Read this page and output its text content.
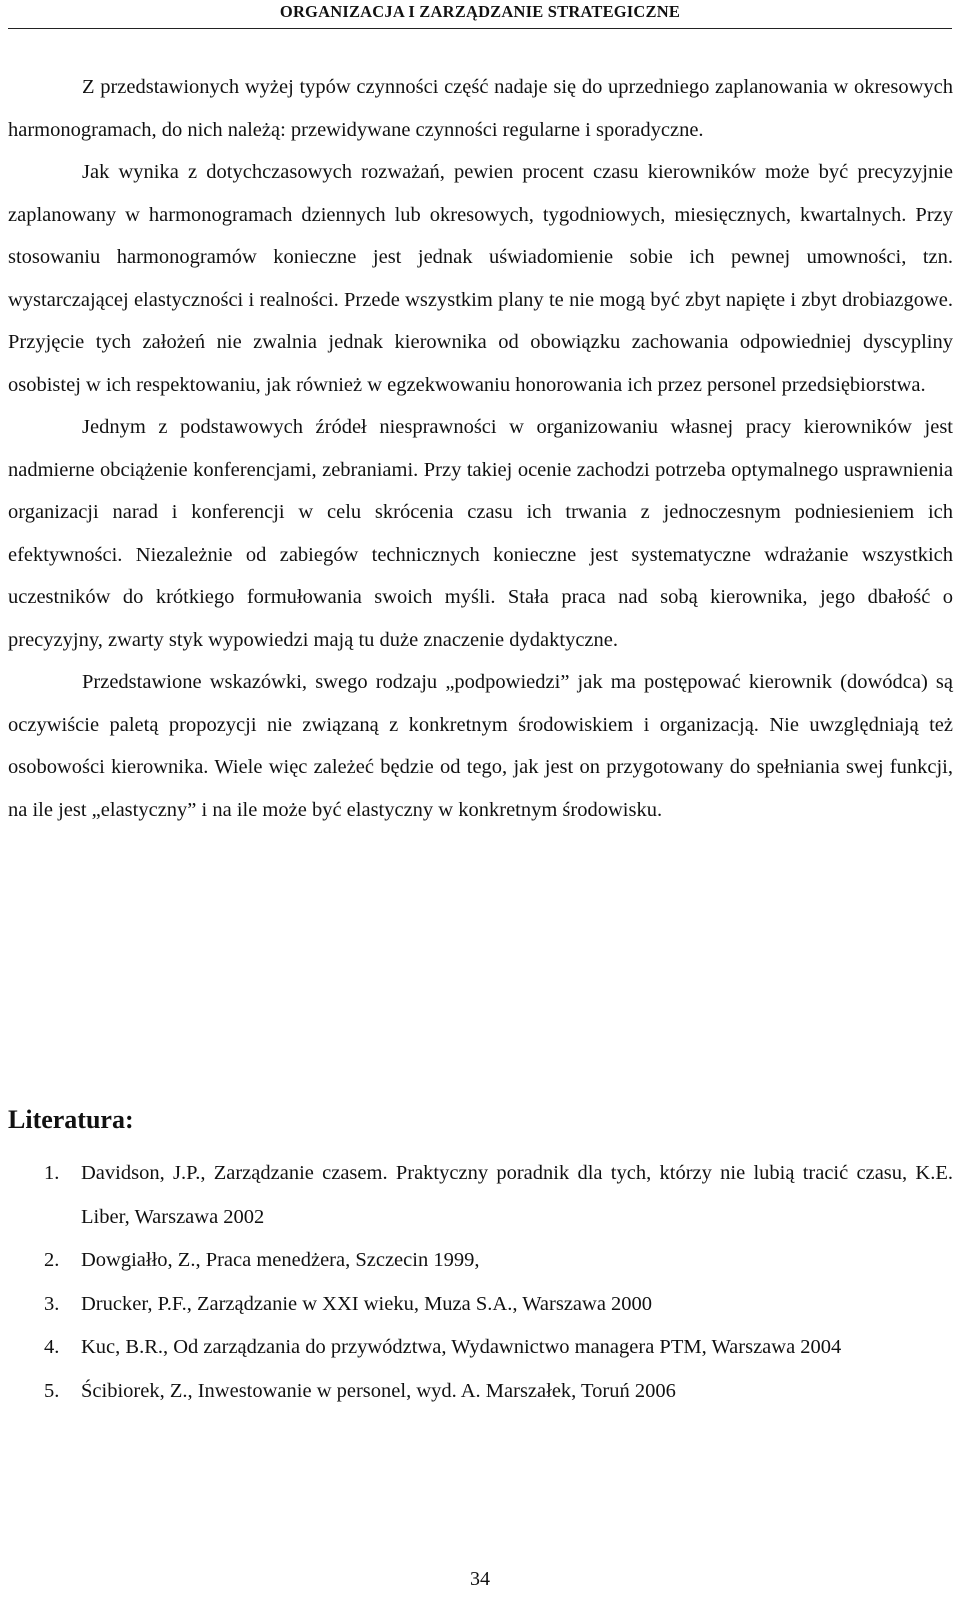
ORGANIZACJA I ZARZĄDZANIE STRATEGICZNE

Z przedstawionych wyżej typów czynności część nadaje się do uprzedniego zaplanowania w okresowych harmonogramach, do nich należą: przewidywane czynności regularne i sporadyczne.

Jak wynika z dotychczasowych rozważań, pewien procent czasu kierowników może być precyzyjnie zaplanowany w harmonogramach dziennych lub okresowych, tygodniowych, miesięcznych, kwartalnych. Przy stosowaniu harmonogramów konieczne jest jednak uświadomienie sobie ich pewnej umowności, tzn. wystarczającej elastyczności i realności. Przede wszystkim plany te nie mogą być zbyt napięte i zbyt drobiazgowe. Przyjęcie tych założeń nie zwalnia jednak kierownika od obowiązku zachowania odpowiedniej dyscypliny osobistej w ich respektowaniu, jak również w egzekwowaniu honorowania ich przez personel przedsiębiorstwa.

Jednym z podstawowych źródeł niesprawności w organizowaniu własnej pracy kierowników jest nadmierne obciążenie konferencjami, zebraniami. Przy takiej ocenie zachodzi potrzeba optymalnego usprawnienia organizacji narad i konferencji w celu skrócenia czasu ich trwania z jednoczesnym podniesieniem ich efektywności. Niezależnie od zabiegów technicznych konieczne jest systematyczne wdrażanie wszystkich uczestników do krótkiego formułowania swoich myśli. Stała praca nad sobą kierownika, jego dbałość o precyzyjny, zwarty styk wypowiedzi mają tu duże znaczenie dydaktyczne.

Przedstawione wskazówki, swego rodzaju „podpowiedzi” jak ma postępować kierownik (dowódca) są oczywiście paletą propozycji nie związaną z konkretnym środowiskiem i organizacją. Nie uwzględniają też osobowości kierownika. Wiele więc zależeć będzie od tego, jak jest on przygotowany do spełniania swej funkcji, na ile jest „elastyczny” i na ile może być elastyczny w konkretnym środowisku.

Literatura:
1. Davidson, J.P., Zarządzanie czasem. Praktyczny poradnik dla tych, którzy nie lubią tracić czasu, K.E. Liber, Warszawa 2002
2. Dowgiałło, Z., Praca menedżera, Szczecin 1999,
3. Drucker, P.F., Zarządzanie w XXI wieku, Muza S.A., Warszawa 2000
4. Kuc, B.R., Od zarządzania do przywództwa, Wydawnictwo managera PTM, Warszawa 2004
5. Ścibiorek, Z., Inwestowanie w personel, wyd. A. Marszałek, Toruń 2006
34
